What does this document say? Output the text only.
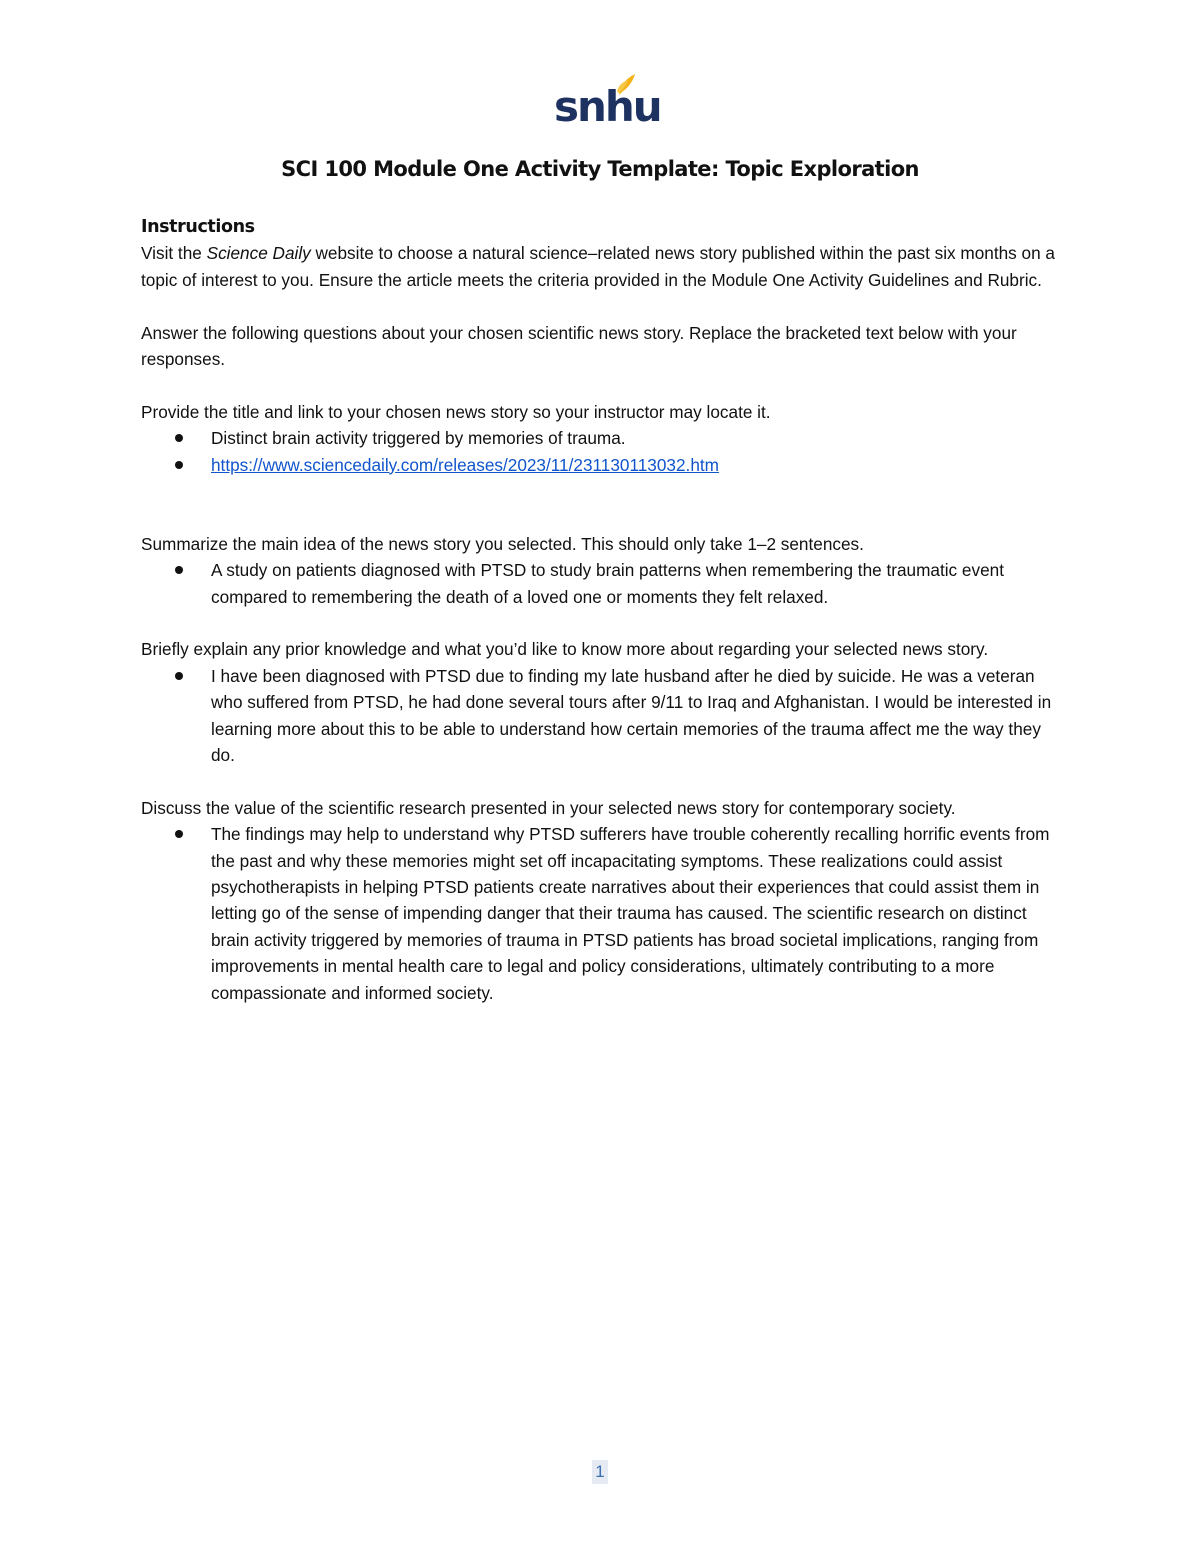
snhu
SCI 100 Module One Activity Template: Topic Exploration

Instructions

Visit the Science Daily website to choose a natural science–related news story published within the past six months on a topic of interest to you. Ensure the article meets the criteria provided in the Module One Activity Guidelines and Rubric.

Answer the following questions about your chosen scientific news story. Replace the bracketed text below with your responses.

Provide the title and link to your chosen news story so your instructor may locate it.

Distinct brain activity triggered by memories of trauma.
https://www.sciencedaily.com/releases/2023/11/231130113032.htm

Summarize the main idea of the news story you selected. This should only take 1–2 sentences.

A study on patients diagnosed with PTSD to study brain patterns when remembering the traumatic event compared to remembering the death of a loved one or moments they felt relaxed.

Briefly explain any prior knowledge and what you’d like to know more about regarding your selected news story.

I have been diagnosed with PTSD due to finding my late husband after he died by suicide. He was a veteran who suffered from PTSD, he had done several tours after 9/11 to Iraq and Afghanistan. I would be interested in learning more about this to be able to understand how certain memories of the trauma affect me the way they do.

Discuss the value of the scientific research presented in your selected news story for contemporary society.

The findings may help to understand why PTSD sufferers have trouble coherently recalling horrific events from the past and why these memories might set off incapacitating symptoms. These realizations could assist psychotherapists in helping PTSD patients create narratives about their experiences that could assist them in letting go of the sense of impending danger that their trauma has caused. The scientific research on distinct brain activity triggered by memories of trauma in PTSD patients has broad societal implications, ranging from improvements in mental health care to legal and policy considerations, ultimately contributing to a more compassionate and informed society.
1
